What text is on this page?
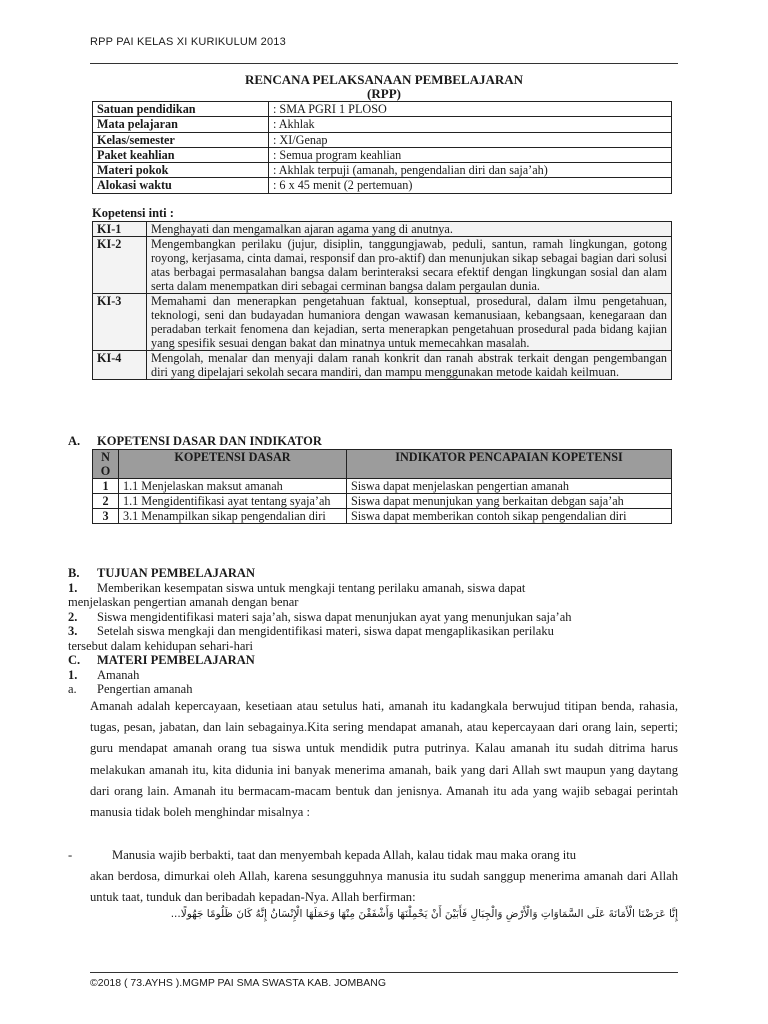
RPP PAI KELAS XI KURIKULUM 2013
RENCANA PELAKSANAAN PEMBELAJARAN
(RPP)
Satuan pendidikan	: SMA PGRI 1 PLOSO
Mata pelajaran	: Akhlak
Kelas/semester	: XI/Genap
Paket keahlian	: Semua program keahlian
Materi pokok	: Akhlak terpuji (amanah, pengendalian diri dan saja’ah)
Alokasi waktu	: 6 x 45 menit (2 pertemuan)
Kopetensi inti :
KI-1	Menghayati dan mengamalkan ajaran agama yang di anutnya.
KI-2	Mengembangkan perilaku (jujur, disiplin, tanggungjawab, peduli, santun, ramah lingkungan, gotong royong, kerjasama, cinta damai, responsif dan pro-aktif) dan menunjukan sikap sebagai bagian dari solusi atas berbagai permasalahan bangsa dalam berinteraksi secara efektif dengan lingkungan sosial dan alam serta dalam menempatkan diri sebagai cerminan bangsa dalam pergaulan dunia.
KI-3	Memahami dan menerapkan pengetahuan faktual, konseptual, prosedural, dalam ilmu pengetahuan, teknologi, seni dan budayadan humaniora dengan wawasan kemanusiaan, kebangsaan, kenegaraan dan peradaban terkait fenomena dan kejadian, serta menerapkan pengetahuan prosedural pada bidang kajian yang spesifik sesuai dengan bakat dan minatnya untuk memecahkan masalah.
KI-4	Mengolah, menalar dan menyaji dalam ranah konkrit dan ranah abstrak terkait dengan pengembangan diri yang dipelajari sekolah secara mandiri, dan mampu menggunakan metode kaidah keilmuan.
A. KOPETENSI DASAR DAN INDIKATOR
N O	KOPETENSI DASAR	INDIKATOR PENCAPAIAN KOPETENSI
1	1.1 Menjelaskan maksut amanah	Siswa dapat menjelaskan pengertian amanah
2	1.1 Mengidentifikasi ayat tentang syaja’ah	Siswa dapat menunjukan yang berkaitan debgan saja’ah
3	3.1 Menampilkan sikap pengendalian diri	Siswa dapat memberikan contoh sikap pengendalian diri
B.	TUJUAN PEMBELAJARAN
1.	Memberikan kesempatan siswa untuk mengkaji tentang perilaku amanah, siswa dapat
menjelaskan pengertian amanah dengan benar
2.	Siswa mengidentifikasi materi saja’ah, siswa dapat menunjukan ayat yang menunjukan saja’ah
3.	Setelah siswa mengkaji dan mengidentifikasi materi, siswa dapat mengaplikasikan perilaku
tersebut dalam kehidupan sehari-hari
C.	MATERI PEMBELAJARAN
1.	Amanah
a.	Pengertian amanah
Amanah adalah kepercayaan, kesetiaan atau setulus hati, amanah itu kadangkala berwujud titipan benda, rahasia, tugas, pesan, jabatan, dan lain sebagainya.Kita sering mendapat amanah, atau kepercayaan dari orang lain, seperti; guru mendapat amanah orang tua siswa untuk mendidik putra putrinya. Kalau amanah itu sudah ditrima harus melakukan amanah itu, kita didunia ini banyak menerima amanah, baik yang dari Allah swt maupun yang daytang dari orang lain. Amanah itu bermacam-macam bentuk dan jenisnya. Amanah itu ada yang wajib sebagai perintah manusia tidak boleh menghindar misalnya :
-	Manusia wajib berbakti, taat dan menyembah kepada Allah, kalau tidak mau maka orang itu
akan berdosa, dimurkai oleh Allah, karena sesungguhnya manusia itu sudah sanggup menerima amanah dari Allah untuk taat, tunduk dan beribadah kepadan-Nya. Allah berfirman:
إِنَّا عَرَضْنَا الْأَمَانَةَ عَلَى السَّمَاوَاتِ وَالْأَرْضِ وَالْجِبَالِ فَأَبَيْنَ أَنْ يَحْمِلْنَهَا وَأَشْفَقْنَ مِنْهَا وَحَمَلَهَا الْإِنْسَانُ إِنَّهُ كَانَ ظَلُومًا جَهُولًا...
©2018 ( 73.AYHS ).MGMP PAI SMA SWASTA KAB. JOMBANG
